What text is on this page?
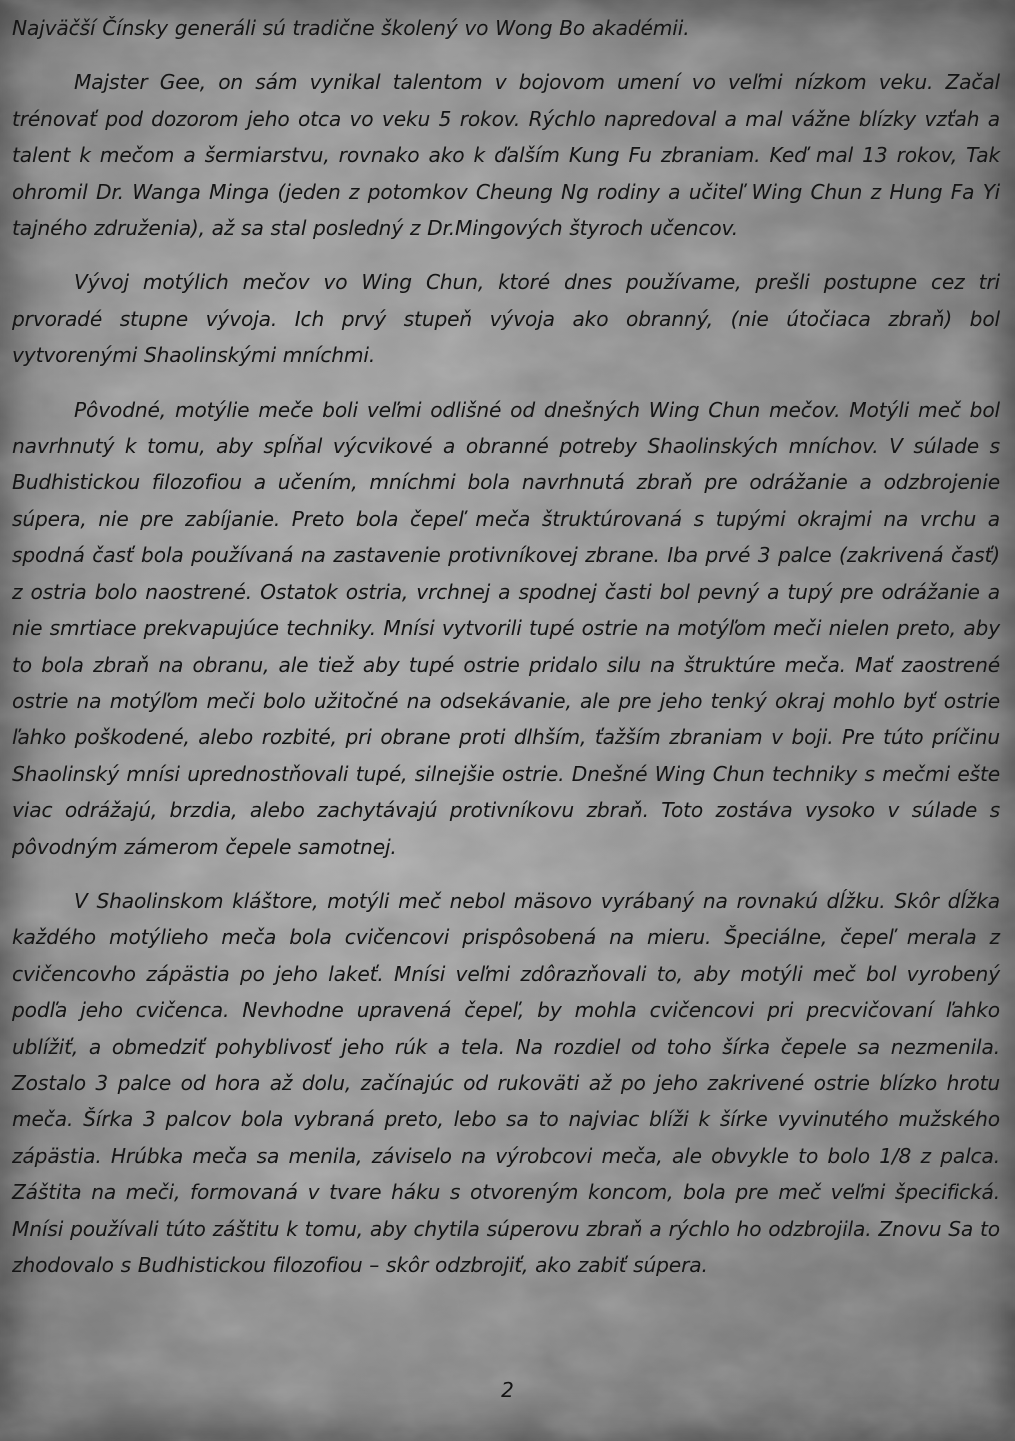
Najväčší Čínsky generáli sú tradične školený vo Wong Bo akadémii.

Majster Gee, on sám vynikal talentom v bojovom umení vo veľmi nízkom veku. Začal trénovať pod dozorom jeho otca vo veku 5 rokov. Rýchlo napredoval a mal vážne blízky vzťah a talent k mečom a šermiarstvu, rovnako ako k ďalším Kung Fu zbraniam. Keď mal 13 rokov, Tak ohromil Dr. Wanga Minga (jeden z potomkov Cheung Ng rodiny a učiteľ Wing Chun z Hung Fa Yi tajného združenia), až sa stal posledný z Dr.Mingových štyroch učencov.

Vývoj motýlich mečov vo Wing Chun, ktoré dnes používame, prešli postupne cez tri prvoradé stupne vývoja. Ich prvý stupeň vývoja ako obranný, (nie útočiaca zbraň) bol vytvorenými Shaolinskými mníchmi.

Pôvodné, motýlie meče boli veľmi odlišné od dnešných Wing Chun mečov. Motýli meč bol navrhnutý k tomu, aby spĺňal výcvikové a obranné potreby Shaolinských mníchov. V súlade s Budhistickou filozofiou a učením, mníchmi bola navrhnutá zbraň pre odrážanie a odzbrojenie súpera, nie pre zabíjanie. Preto bola čepeľ meča štruktúrovaná s tupými okrajmi na vrchu a spodná časť bola používaná na zastavenie protivníkovej zbrane. Iba prvé 3 palce (zakrivená časť) z ostria bolo naostrené. Ostatok ostria, vrchnej a spodnej časti bol pevný a tupý pre odrážanie a nie smrtiace prekvapujúce techniky. Mnísi vytvorili tupé ostrie na motýľom meči nielen preto, aby to bola zbraň na obranu, ale tiež aby tupé ostrie pridalo silu na štruktúre meča. Mať zaostrené ostrie na motýľom meči bolo užitočné na odsekávanie, ale pre jeho tenký okraj mohlo byť ostrie ľahko poškodené, alebo rozbité, pri obrane proti dlhším, ťažším zbraniam v boji. Pre túto príčinu Shaolinský mnísi uprednostňovali tupé, silnejšie ostrie. Dnešné Wing Chun techniky s mečmi ešte viac odrážajú, brzdia, alebo zachytávajú protivníkovu zbraň. Toto zostáva vysoko v súlade s pôvodným zámerom čepele samotnej.

V Shaolinskom kláštore, motýli meč nebol mäsovo vyrábaný na rovnakú dĺžku. Skôr dĺžka každého motýlieho meča bola cvičencovi prispôsobená na mieru. Špeciálne, čepeľ merala z cvičencovho zápästia po jeho lakeť. Mnísi veľmi zdôrazňovali to, aby motýli meč bol vyrobený podľa jeho cvičenca. Nevhodne upravená čepeľ, by mohla cvičencovi pri precvičovaní ľahko ublížiť, a obmedziť pohyblivosť jeho rúk a tela. Na rozdiel od toho šírka čepele sa nezmenila. Zostalo 3 palce od hora až dolu, začínajúc od rukoväti až po jeho zakrivené ostrie blízko hrotu meča. Šírka 3 palcov bola vybraná preto, lebo sa to najviac blíži k šírke vyvinutého mužského zápästia. Hrúbka meča sa menila, záviselo na výrobcovi meča, ale obvykle to bolo 1/8 z palca. Záštita na meči, formovaná v tvare háku s otvoreným koncom, bola pre meč veľmi špecifická. Mnísi používali túto záštitu k tomu, aby chytila súperovu zbraň a rýchlo ho odzbrojila. Znovu Sa to zhodovalo s Budhistickou filozofiou – skôr odzbrojiť, ako zabiť súpera.

2
